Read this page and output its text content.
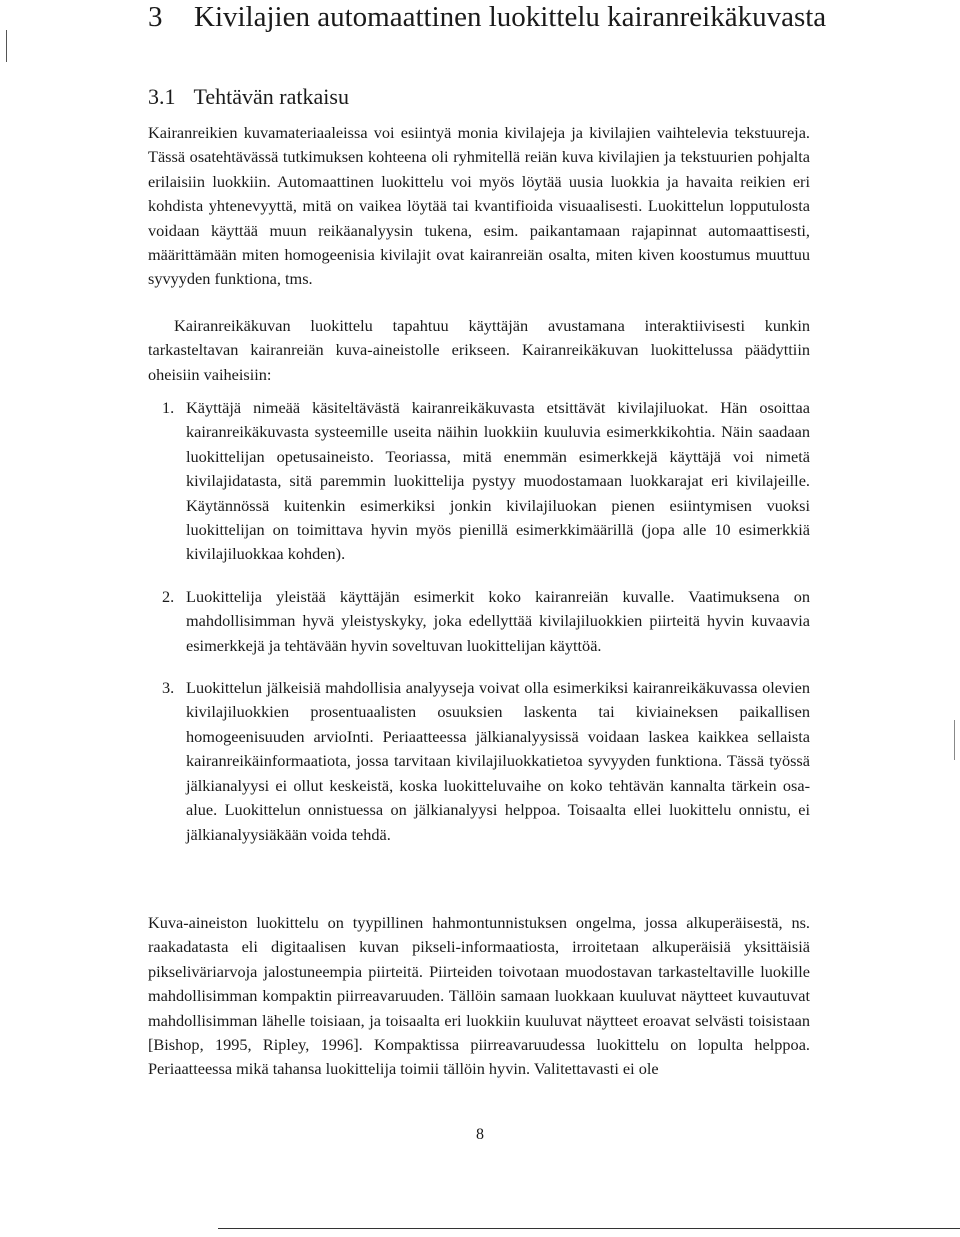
3 Kivilajien automaattinen luokittelu kairanreikäkuvasta
3.1 Tehtävän ratkaisu

Kairanreikien kuvamateriaaleissa voi esiintyä monia kivilajeja ja kivilajien vaihtelevia tekstuureja. Tässä osatehtävässä tutkimuksen kohteena oli ryhmitellä reiän kuva kivilajien ja tekstuurien pohjalta erilaisiin luokkiin. Automaattinen luokittelu voi myös löytää uusia luokkia ja havaita reikien eri kohdista yhtenevyyttä, mitä on vaikea löytää tai kvantifioida visuaalisesti. Luokittelun lopputulosta voidaan käyttää muun reikäanalyysin tukena, esim. paikantamaan rajapinnat automaattisesti, määrittämään miten homogeenisia kivilajit ovat kairanreiän osalta, miten kiven koostumus muuttuu syvyyden funktiona, tms.

Kairanreikäkuvan luokittelu tapahtuu käyttäjän avustamana interaktiivisesti kunkin tarkasteltavan kairanreiän kuva-aineistolle erikseen. Kairanreikäkuvan luokittelussa päädyttiin oheisiin vaiheisiin:

1. Käyttäjä nimeää käsiteltävästä kairanreikäkuvasta etsittävät kivilajiluokat. Hän osoittaa kairanreikäkuvasta systeemille useita näihin luokkiin kuuluvia esimerkkikohtia. Näin saadaan luokittelijan opetusaineisto. Teoriassa, mitä enemmän esimerkkejä käyttäjä voi nimetä kivilajidatasta, sitä paremmin luokittelija pystyy muodostamaan luokkarajat eri kivilajeille. Käytännössä kuitenkin esimerkiksi jonkin kivilajiluokan pienen esiintymisen vuoksi luokittelijan on toimittava hyvin myös pienillä esimerkkimäärillä (jopa alle 10 esimerkkiä kivilajiluokkaa kohden).
2. Luokittelija yleistää käyttäjän esimerkit koko kairanreiän kuvalle. Vaatimuksena on mahdollisimman hyvä yleistyskyky, joka edellyttää kivilajiluokkien piirteitä hyvin kuvaavia esimerkkejä ja tehtävään hyvin soveltuvan luokittelijan käyttöä.
3. Luokittelun jälkeisiä mahdollisia analyyseja voivat olla esimerkiksi kairanreikäkuvassa olevien kivilajiluokkien prosentuaalisten osuuksien laskenta tai kiviaineksen paikallisen homogeenisuuden arvioInti. Periaatteessa jälkianalyysissä voidaan laskea kaikkea sellaista kairanreikäinformaatiota, jossa tarvitaan kivilajiluokkatietoa syvyyden funktiona. Tässä työssä jälkianalyysi ei ollut keskeistä, koska luokitteluvaihe on koko tehtävän kannalta tärkein osa-alue. Luokittelun onnistuessa on jälkianalyysi helppoa. Toisaalta ellei luokittelu onnistu, ei jälkianalyysiäkään voida tehdä.

Kuva-aineiston luokittelu on tyypillinen hahmontunnistuksen ongelma, jossa alkuperäisestä, ns. raakadatasta eli digitaalisen kuvan pikseli-informaatiosta, irroitetaan alkuperäisiä yksittäisiä pikseliväriarvoja jalostuneempia piirteitä. Piirteiden toivotaan muodostavan tarkasteltaville luokille mahdollisimman kompaktin piirreavaruuden. Tällöin samaan luokkaan kuuluvat näytteet kuvautuvat mahdollisimman lähelle toisiaan, ja toisaalta eri luokkiin kuuluvat näytteet eroavat selvästi toisistaan [Bishop, 1995, Ripley, 1996]. Kompaktissa piirreavaruudessa luokittelu on lopulta helppoa. Periaatteessa mikä tahansa luokittelija toimii tällöin hyvin. Valitettavasti ei ole

8
